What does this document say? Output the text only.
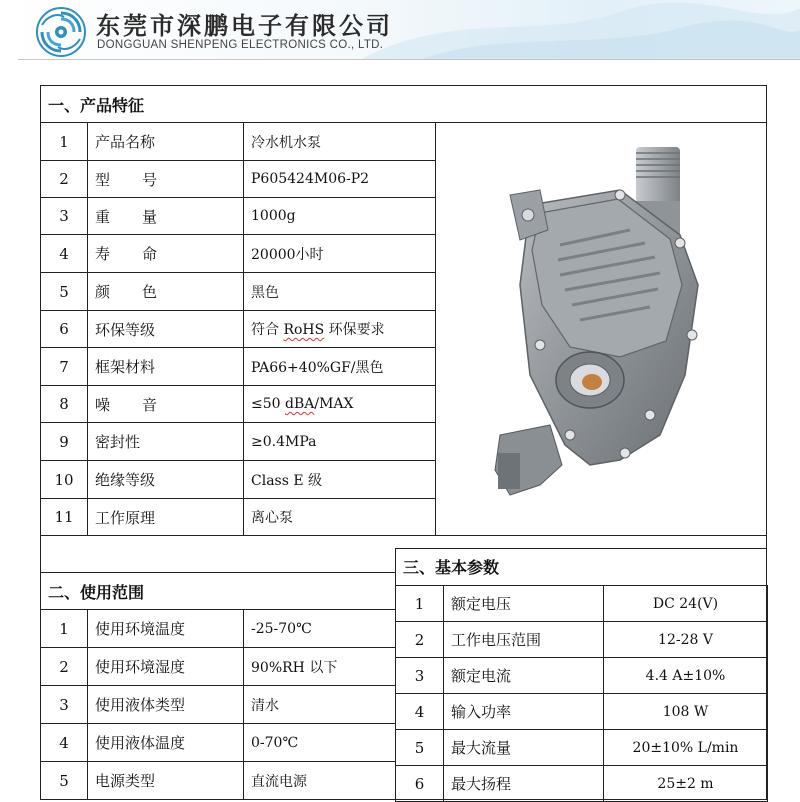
东莞市深鹏电子有限公司
DONGGUAN SHENPENG ELECTRONICS CO., LTD.
一、产品特征
1	产品名称	冷水机水泵
2	型号	P605424M06-P2
3	重量	1000g
4	寿命	20000小时
5	颜色	黑色
6	环保等级	符合 RoHS 环保要求
7	框架材料	PA66+40%GF/黑色
8	噪音	≤50 dBA/MAX
9	密封性	≥0.4MPa
10	绝缘等级	Class E 级
11	工作原理	离心泵
二、使用范围
1	使用环境温度	-25-70℃
2	使用环境湿度	90%RH 以下
3	使用液体类型	清水
4	使用液体温度	0-70℃
5	电源类型	直流电源
三、基本参数
1	额定电压	DC 24(V)
2	工作电压范围	12-28 V
3	额定电流	4.4 A±10%
4	输入功率	108 W
5	最大流量	20±10% L/min
6	最大扬程	25±2 m
